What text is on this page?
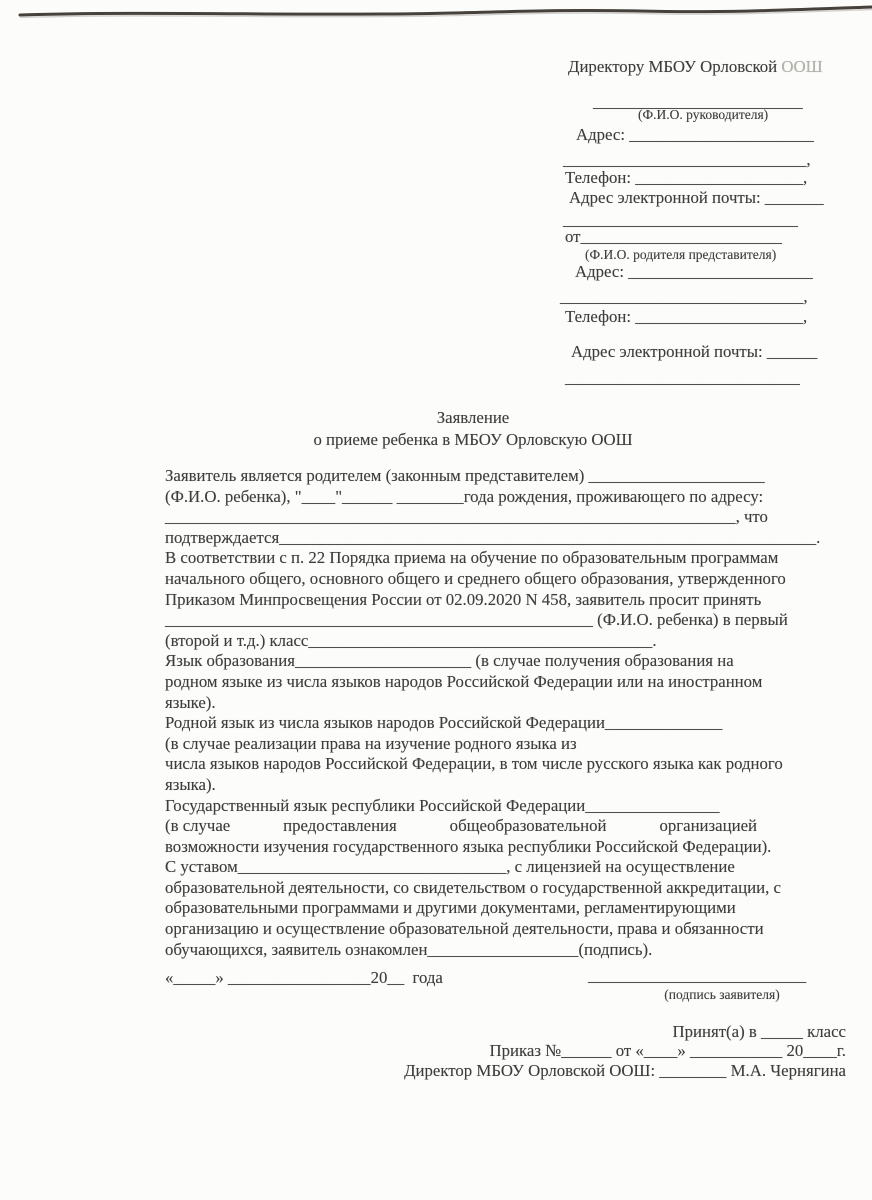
Директору МБОУ Орловской ООШ
_________________________
(Ф.И.О. руководителя)
Адрес: ______________________
_____________________________,
Телефон: ____________________,
Адрес электронной почты: _______
____________________________
от________________________
(Ф.И.О. родителя представителя)
Адрес: ______________________
_____________________________,
Телефон: ____________________,
Адрес электронной почты: ______
____________________________
Заявление
о приеме ребенка в МБОУ Орловскую ООШ
Заявитель является родителем (законным представителем) _____________________
(Ф.И.О. ребенка), "____"______ ________года рождения, проживающего по адресу:
____________________________________________________________________, что
подтверждается________________________________________________________________.
В соответствии с п. 22 Порядка приема на обучение по образовательным программам
начального общего, основного общего и среднего общего образования, утвержденного
Приказом Минпросвещения России от 02.09.2020 N 458, заявитель просит принять
___________________________________________________ (Ф.И.О. ребенка) в первый
(второй и т.д.) класс_________________________________________.
Язык образования_____________________ (в случае получения образования на
родном языке из числа языков народов Российской Федерации или на иностранном
языке).
Родной язык из числа языков народов Российской Федерации______________
(в случае реализации права на изучение родного языка из
числа языков народов Российской Федерации, в том числе русского языка как родного
языка).
Государственный язык республики Российской Федерации________________
(в случае	предоставления	общеобразовательной	организацией
возможности изучения государственного языка республики Российской Федерации).
С уставом________________________________, с лицензией на осуществление
образовательной деятельности, со свидетельством о государственной аккредитации, с
образовательными программами и другими документами, регламентирующими
организацию и осуществление образовательной деятельности, права и обязанности
обучающихся, заявитель ознакомлен__________________(подпись).
«_____» _________________20__  года	__________________________
(подпись заявителя)
Принят(а) в _____ класс
Приказ №______ от «____» ___________ 20____г.
Директор МБОУ Орловской ООШ: ________ М.А. Чернягина
